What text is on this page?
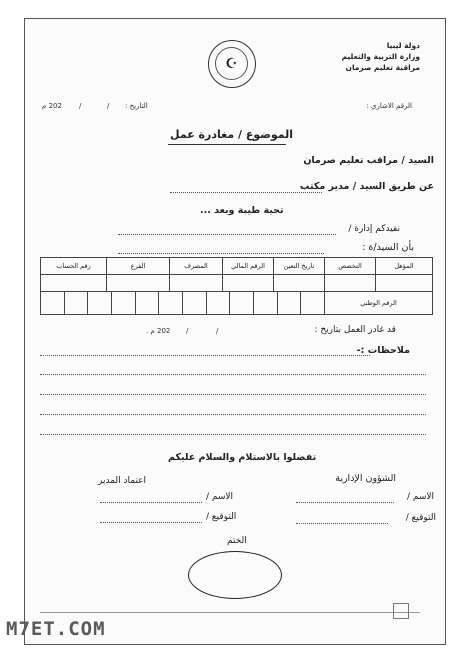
دولة ليبيا
وزارة التربية والتعليم
مراقبة تعليم صرمان
☪
الرقم الاشاري :
التاريخ :
/
/
202 م
الموضوع / مغادرة عمل
السيد / مراقب تعليم صرمان
عن طريق السيد / مدير مكتب
تحية طيبة وبعد ...
نفيدكم إدارة /
بأن السيد/ة :
المؤهل	التخصص	تاريخ التعين	الرقم المالي	المصرف	الفرع	رقم الحساب

الرقم الوطني						
قد غادر العمل بتاريخ :
/
/
202 م .
ملاحظات :-
تفضلوا بالاستلام والسلام عليكم
الشؤون الإدارية
الاسم /
التوقيع /
اعتماد المدير
الاسم /
التوقيع /
الختم
M7ET.COM
